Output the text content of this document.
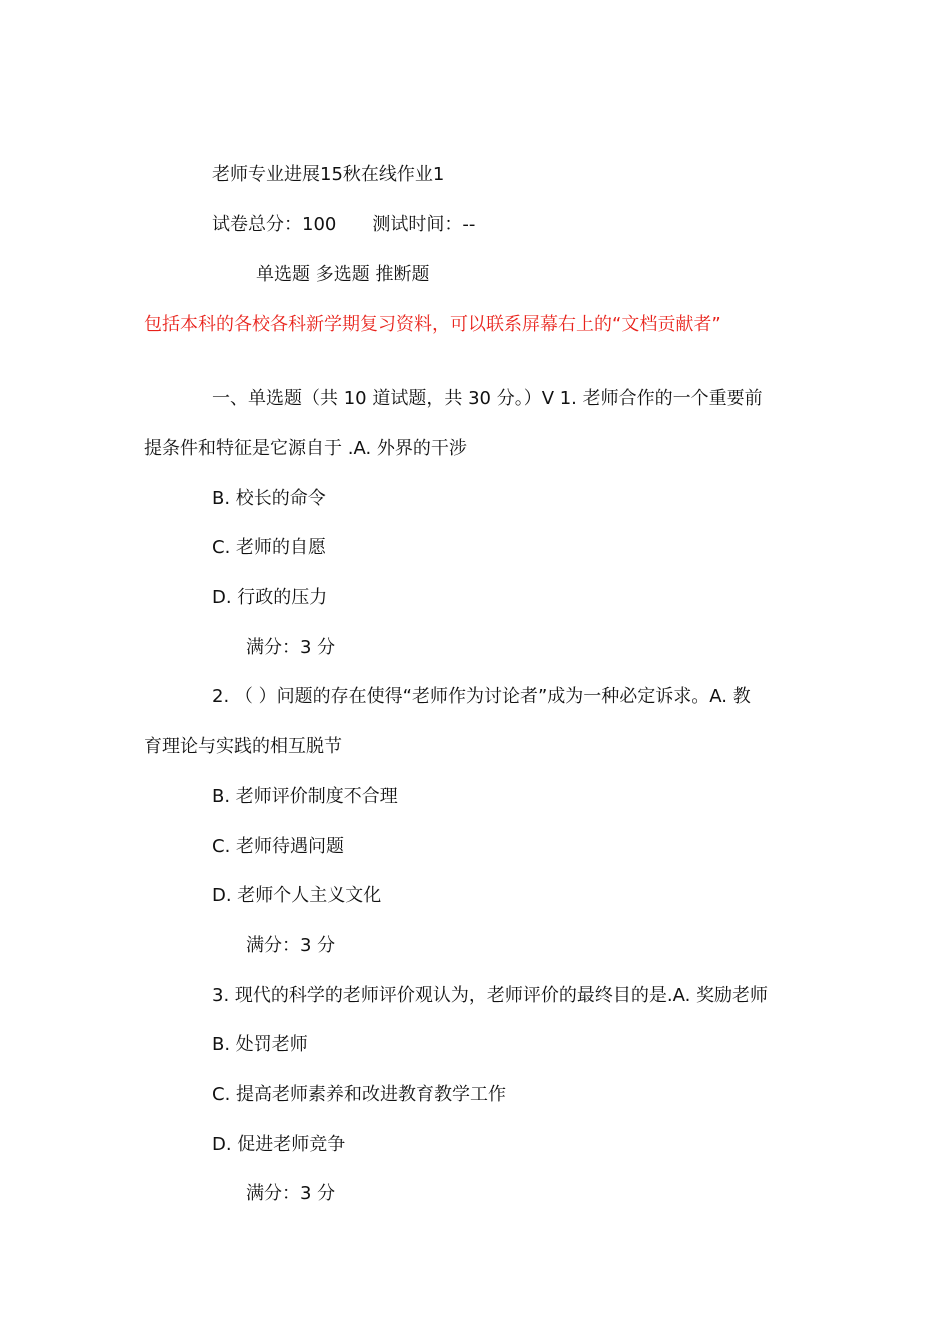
老师专业进展15秋在线作业1
试卷总分：100 测试时间：--
单选题 多选题 推断题
包括本科的各校各科新学期复习资料，可以联系屏幕右上的“文档贡献者”
一、单选题（共 10 道试题，共 30 分。）V 1. 老师合作的一个重要前
提条件和特征是它源自于 .A. 外界的干涉
B. 校长的命令
C. 老师的自愿
D. 行政的压力
满分：3 分
2. （ ）问题的存在使得“老师作为讨论者”成为一种必定诉求。A. 教
育理论与实践的相互脱节
B. 老师评价制度不合理
C. 老师待遇问题
D. 老师个人主义文化
满分：3 分
3. 现代的科学的老师评价观认为，老师评价的最终目的是.A. 奖励老师
B. 处罚老师
C. 提高老师素养和改进教育教学工作
D. 促进老师竞争
满分：3 分
